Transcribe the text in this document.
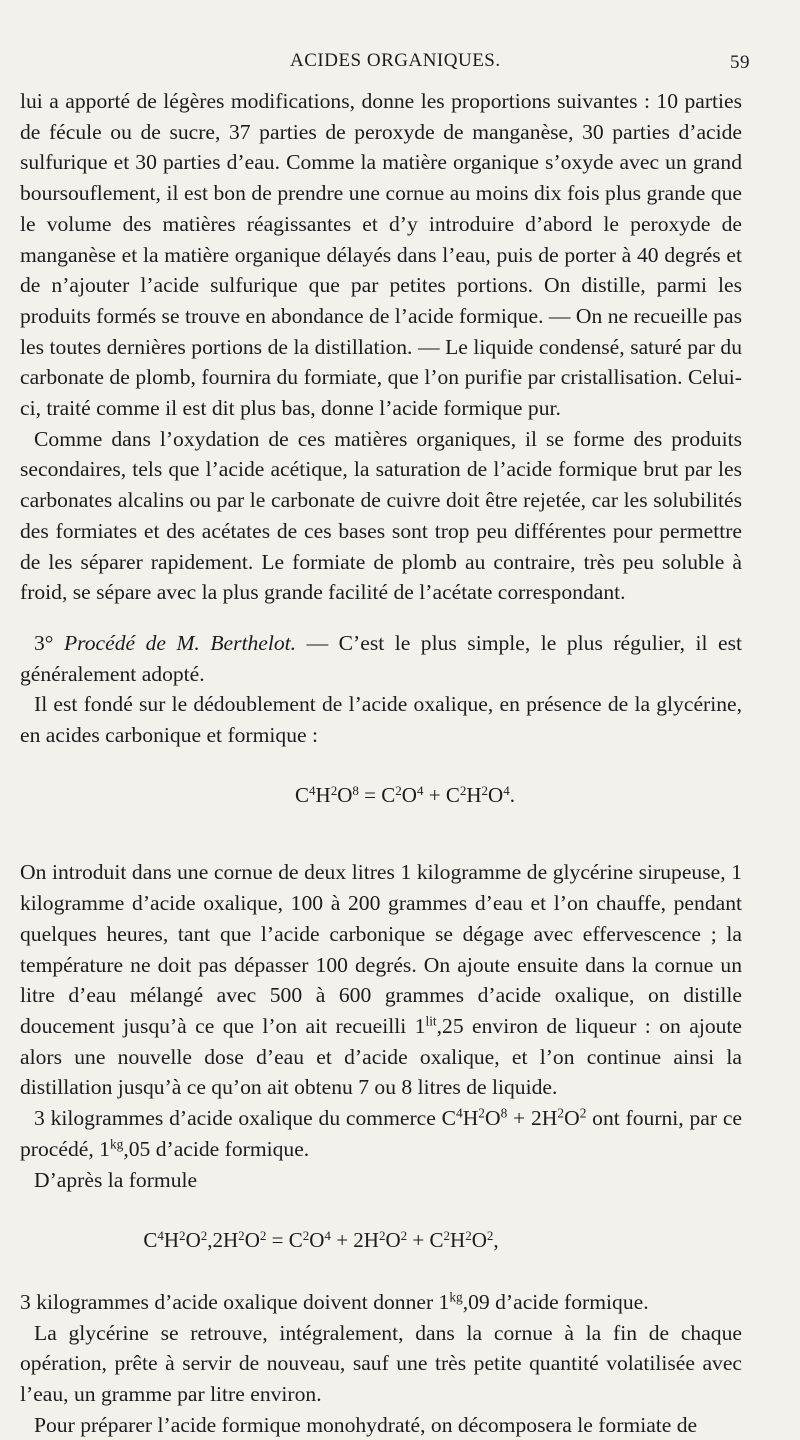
ACIDES ORGANIQUES.	59

lui a apporté de légères modifications, donne les proportions suivantes : 10 parties de fécule ou de sucre, 37 parties de peroxyde de manganèse, 30 parties d’acide sulfurique et 30 parties d’eau. Comme la matière organique s’oxyde avec un grand boursouflement, il est bon de prendre une cornue au moins dix fois plus grande que le volume des matières réagissantes et d’y introduire d’abord le peroxyde de manganèse et la matière organique délayés dans l’eau, puis de porter à 40 degrés et de n’ajouter l’acide sulfurique que par petites portions. On distille, parmi les produits formés se trouve en abondance de l’acide formique. — On ne recueille pas les toutes dernières portions de la distillation. — Le liquide condensé, saturé par du carbonate de plomb, fournira du formiate, que l’on purifie par cristallisation. Celui-ci, traité comme il est dit plus bas, donne l’acide formique pur.

Comme dans l’oxydation de ces matières organiques, il se forme des produits secondaires, tels que l’acide acétique, la saturation de l’acide formique brut par les carbonates alcalins ou par le carbonate de cuivre doit être rejetée, car les solubilités des formiates et des acétates de ces bases sont trop peu différentes pour permettre de les séparer rapidement. Le formiate de plomb au contraire, très peu soluble à froid, se sépare avec la plus grande facilité de l’acétate correspondant.

3° Procédé de M. Berthelot. — C’est le plus simple, le plus régulier, il est généralement adopté.

Il est fondé sur le dédoublement de l’acide oxalique, en présence de la glycérine, en acides carbonique et formique :

$C^4H^2O^8 = C^2O^4 + C^2H^2O^4$.

On introduit dans une cornue de deux litres 1 kilogramme de glycérine sirupeuse, 1 kilogramme d’acide oxalique, 100 à 200 grammes d’eau et l’on chauffe, pendant quelques heures, tant que l’acide carbonique se dégage avec effervescence ; la température ne doit pas dépasser 100 degrés. On ajoute ensuite dans la cornue un litre d’eau mélangé avec 500 à 600 grammes d’acide oxalique, on distille doucement jusqu’à ce que l’on ait recueilli $1^{lit},25$ environ de liqueur : on ajoute alors une nouvelle dose d’eau et d’acide oxalique, et l’on continue ainsi la distillation jusqu’à ce qu’on ait obtenu 7 ou 8 litres de liquide.

3 kilogrammes d’acide oxalique du commerce $C^4H^2O^8 + 2H^2O^2$ ont fourni, par ce procédé, $1^{kg},05$ d’acide formique.

D’après la formule

$C^4H^2O^2,2H^2O^2 = C^2O^4 + 2H^2O^2 + C^2H^2O^2$,

3 kilogrammes d’acide oxalique doivent donner $1^{kg},09$ d’acide formique.

La glycérine se retrouve, intégralement, dans la cornue à la fin de chaque opération, prête à servir de nouveau, sauf une très petite quantité volatilisée avec l’eau, un gramme par litre environ.

Pour préparer l’acide formique monohydraté, on décomposera le formiate de
